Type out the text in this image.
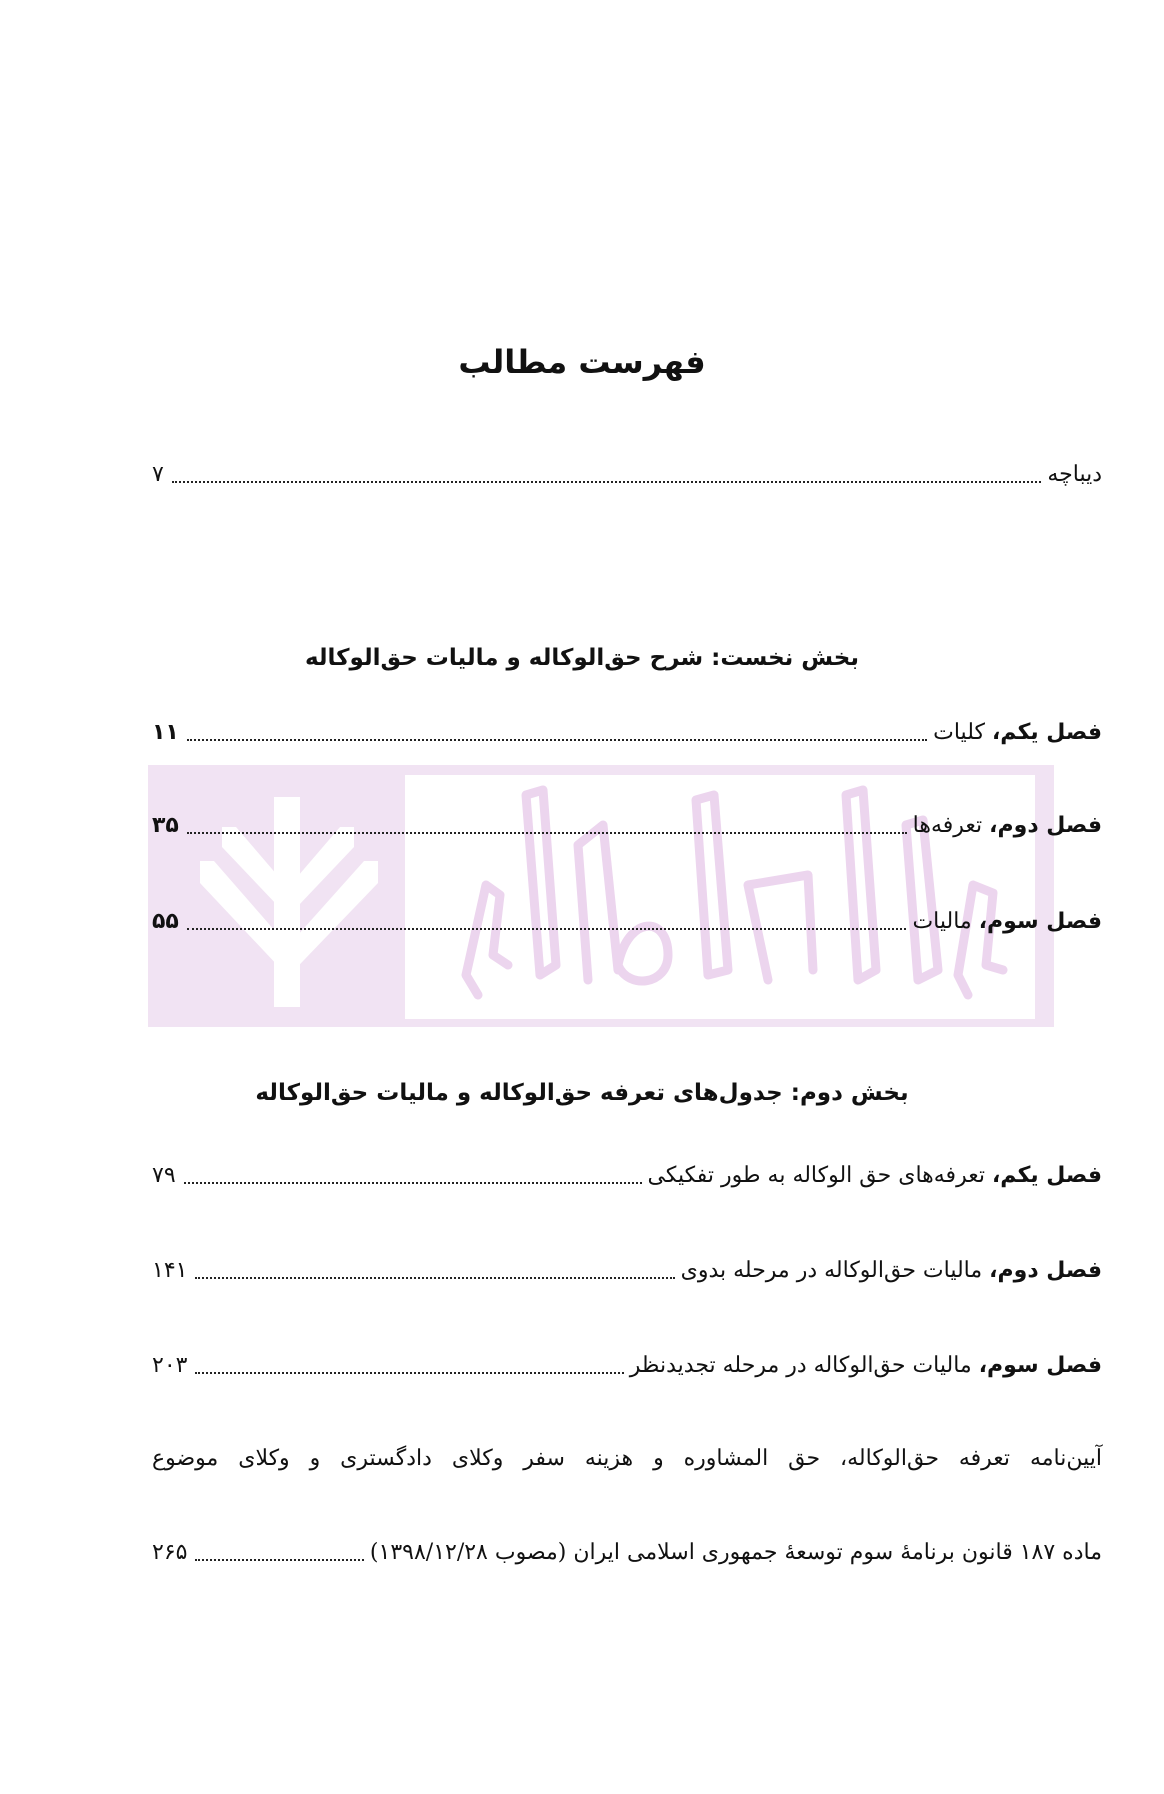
فهرست مطالب
دیباچه
۷
بخش نخست: شرح حق‌الوکاله و مالیات حق‌الوکاله
فصل یکم، کلیات
۱۱
فصل دوم، تعرفه‌ها
۳۵
فصل سوم، مالیات
۵۵
بخش دوم: جدول‌های تعرفه حق‌الوکاله و مالیات حق‌الوکاله
فصل یکم، تعرفه‌های حق الوکاله به طور تفکیکی
۷۹
فصل دوم، مالیات حق‌الوکاله در مرحله بدوی
۱۴۱
فصل سوم، مالیات حق‌الوکاله در مرحله تجدیدنظر
۲۰۳
آیین‌نامه تعرفه حق‌الوکاله، حق المشاوره و هزینه سفر وکلای دادگستری و وکلای موضوع
ماده ۱۸۷ قانون برنامهٔ سوم توسعهٔ جمهوری اسلامی ایران (مصوب ۱۳۹۸/۱۲/۲۸)
۲۶۵
